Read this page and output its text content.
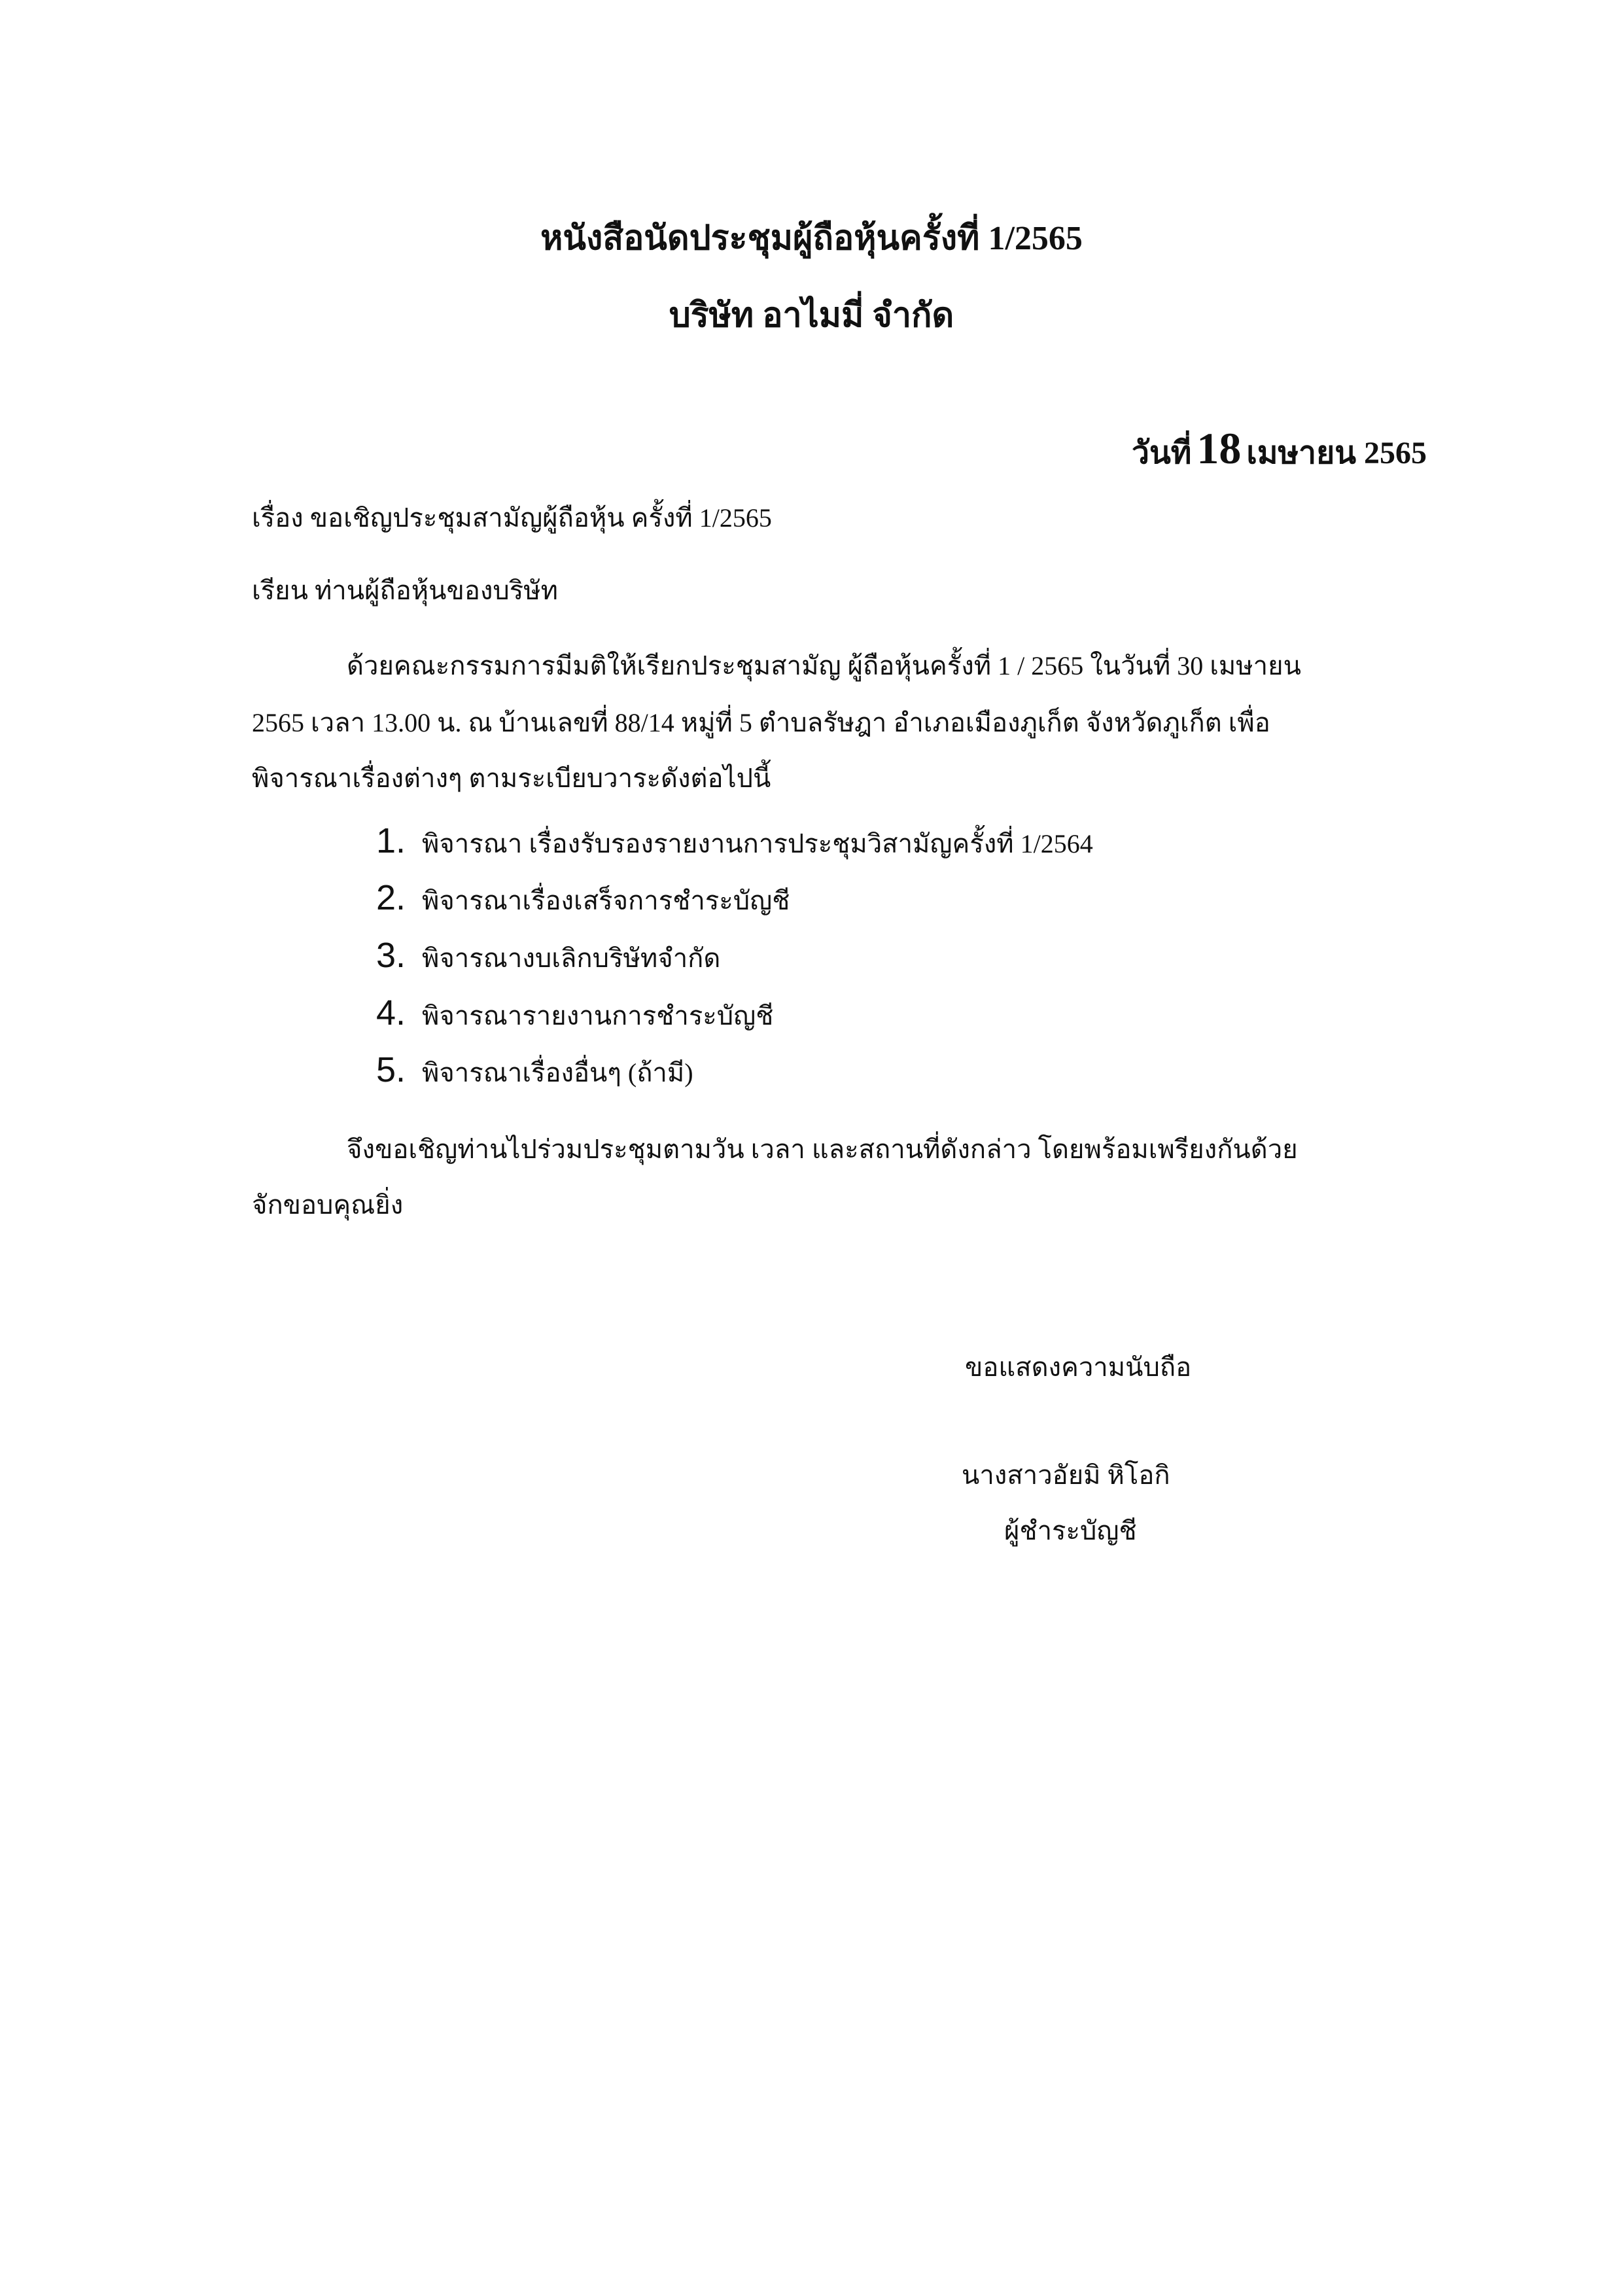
หนังสือนัดประชุมผู้ถือหุ้นครั้งที่ 1/2565
บริษัท อาไมมี่ จำกัด
วันที่ 18 เมษายน 2565
เรื่อง ขอเชิญประชุมสามัญผู้ถือหุ้น ครั้งที่ 1/2565
เรียน ท่านผู้ถือหุ้นของบริษัท
ด้วยคณะกรรมการมีมติให้เรียกประชุมสามัญ ผู้ถือหุ้นครั้งที่ 1 / 2565 ในวันที่ 30 เมษายน
2565 เวลา 13.00 น. ณ บ้านเลขที่ 88/14 หมู่ที่ 5 ตำบลรัษฎา อำเภอเมืองภูเก็ต จังหวัดภูเก็ต เพื่อ
พิจารณาเรื่องต่างๆ ตามระเบียบวาระดังต่อไปนี้
1. พิจารณา เรื่องรับรองรายงานการประชุมวิสามัญครั้งที่ 1/2564
2. พิจารณาเรื่องเสร็จการชำระบัญชี
3. พิจารณางบเลิกบริษัทจำกัด
4. พิจารณารายงานการชำระบัญชี
5. พิจารณาเรื่องอื่นๆ (ถ้ามี)
จึงขอเชิญท่านไปร่วมประชุมตามวัน เวลา และสถานที่ดังกล่าว โดยพร้อมเพรียงกันด้วย
จักขอบคุณยิ่ง
ขอแสดงความนับถือ
นางสาวอัยมิ หิโอกิ
ผู้ชำระบัญชี
